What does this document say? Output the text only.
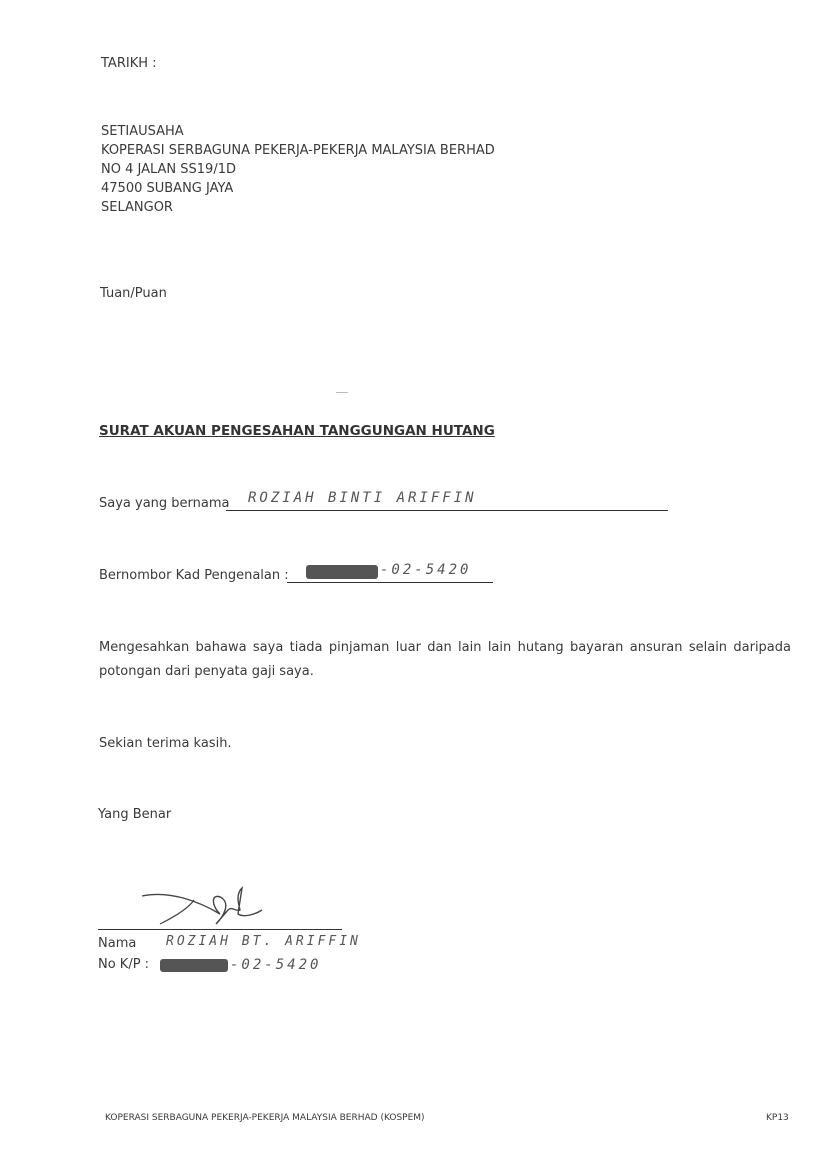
TARIKH :
SETIAUSAHA
KOPERASI SERBAGUNA PEKERJA-PEKERJA MALAYSIA BERHAD
NO 4 JALAN SS19/1D
47500 SUBANG JAYA
SELANGOR
Tuan/Puan
SURAT AKUAN PENGESAHAN TANGGUNGAN HUTANG
Saya yang bernama ROZIAH BINTI ARIFFIN
Bernombor Kad Pengenalan :	-02-5420
Mengesahkan bahawa saya tiada pinjaman luar dan lain lain hutang bayaran ansuran selain daripada potongan dari penyata gaji saya.
Sekian terima kasih.
Yang Benar
Nama ROZIAH BT. ARIFFIN
No K/P :	-02-5420
KOPERASI SERBAGUNA PEKERJA-PEKERJA MALAYSIA BERHAD (KOSPEM)	KP13
